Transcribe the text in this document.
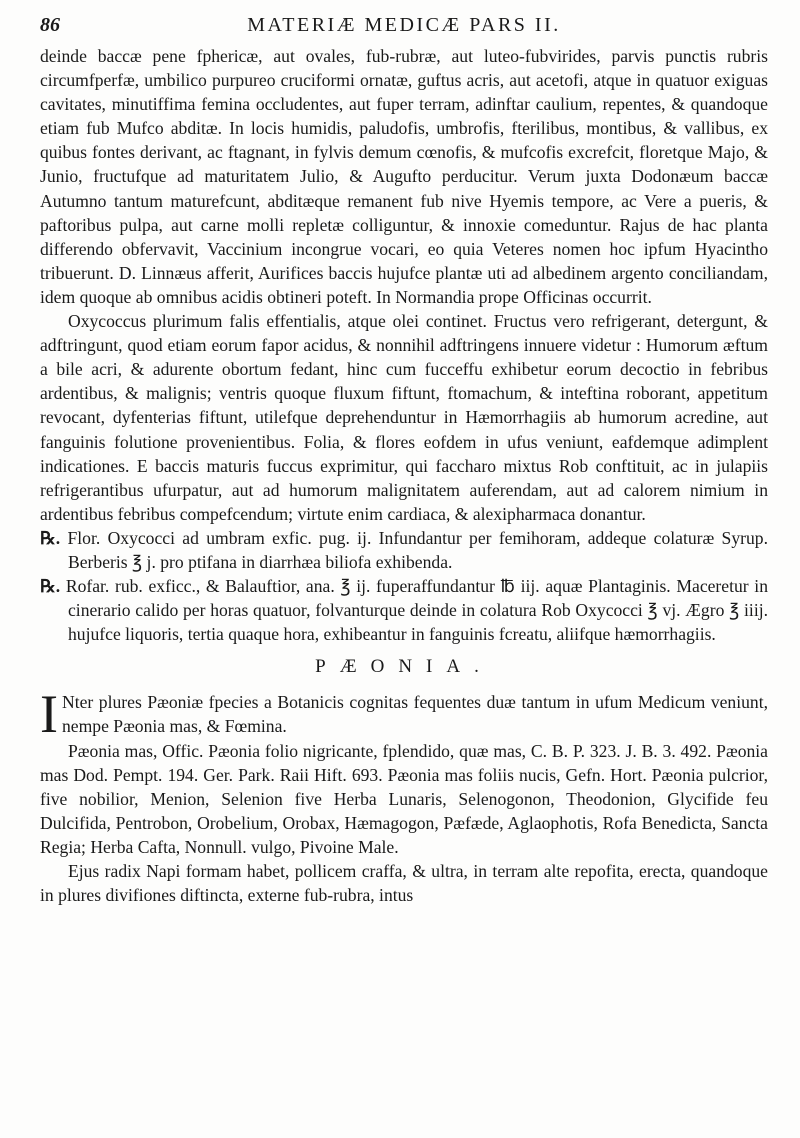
86	MATERIÆ MEDICÆ PARS II.

deinde baccæ pene fphericæ, aut ovales, fub-rubræ, aut luteo-fubvirides, parvis punctis rubris circumfperfæ, umbilico purpureo cruciformi ornatæ, guftus acris, aut acetofi, atque in quatuor exiguas cavitates, minutiffima femina occludentes, aut fuper terram, adinftar caulium, repentes, & quandoque etiam fub Mufco abditæ. In locis humidis, paludofis, umbrofis, fterilibus, montibus, & vallibus, ex quibus fontes derivant, ac ftagnant, in fylvis demum cœnofis, & mufcofis excrefcit, floretque Majo, & Junio, fructufque ad maturitatem Julio, & Augufto perducitur. Verum juxta Dodonæum baccæ Autumno tantum maturefcunt, abditæque remanent fub nive Hyemis tempore, ac Vere a pueris, & paftoribus pulpa, aut carne molli repletæ colliguntur, & innoxie comeduntur. Rajus de hac planta differendo obfervavit, Vaccinium incongrue vocari, eo quia Veteres nomen hoc ipfum Hyacintho tribuerunt. D. Linnæus afferit, Aurifices baccis hujufce plantæ uti ad albedinem argento conciliandam, idem quoque ab omnibus acidis obtineri poteft. In Normandia prope Officinas occurrit.

Oxycoccus plurimum falis effentialis, atque olei continet. Fructus vero refrigerant, detergunt, & adftringunt, quod etiam eorum fapor acidus, & nonnihil adftringens innuere videtur : Humorum æftum a bile acri, & adurente obortum fedant, hinc cum fucceffu exhibetur eorum decoctio in febribus ardentibus, & malignis; ventris quoque fluxum fiftunt, ftomachum, & inteftina roborant, appetitum revocant, dyfenterias fiftunt, utilefque deprehenduntur in Hæmorrhagiis ab humorum acredine, aut fanguinis folutione provenientibus. Folia, & flores eofdem in ufus veniunt, eafdemque adimplent indicationes. E baccis maturis fuccus exprimitur, qui faccharo mixtus Rob conftituit, ac in julapiis refrigerantibus ufurpatur, aut ad humorum malignitatem auferendam, aut ad calorem nimium in ardentibus febribus compefcendum; virtute enim cardiaca, & alexipharmaca donantur.

℞. Flor. Oxycocci ad umbram exfic. pug. ij. Infundantur per femihoram, addeque colaturæ Syrup. Berberis ℥ j. pro ptifana in diarrhæa biliofa exhibenda.

℞. Rofar. rub. exficc., & Balauftior, ana. ℥ ij. fuperaffundantur ℔ iij. aquæ Plantaginis. Maceretur in cinerario calido per horas quatuor, folvanturque deinde in colatura Rob Oxycocci ℥ vj. Ægro ℥ iiij. hujufce liquoris, tertia quaque hora, exhibeantur in fanguinis fcreatu, aliifque hæmorrhagiis.

PÆONIA.

I Nter plures Pæoniæ fpecies a Botanicis cognitas fequentes duæ tantum in ufum Medicum veniunt, nempe Pæonia mas, & Fœmina.

Pæonia mas, Offic. Pæonia folio nigricante, fplendido, quæ mas, C. B. P. 323. J. B. 3. 492. Pæonia mas Dod. Pempt. 194. Ger. Park. Raii Hift. 693. Pæonia mas foliis nucis, Gefn. Hort. Pæonia pulcrior, five nobilior, Menion, Selenion five Herba Lunaris, Selenogonon, Theodonion, Glycifide feu Dulcifida, Pentrobon, Orobelium, Orobax, Hæmagogon, Pæfæde, Aglaophotis, Rofa Benedicta, Sancta Regia; Herba Cafta, Nonnull. vulgo, Pivoine Male.

Ejus radix Napi formam habet, pollicem craffa, & ultra, in terram alte repofita, erecta, quandoque in plures divifiones diftincta, externe fub-rubra, intus
